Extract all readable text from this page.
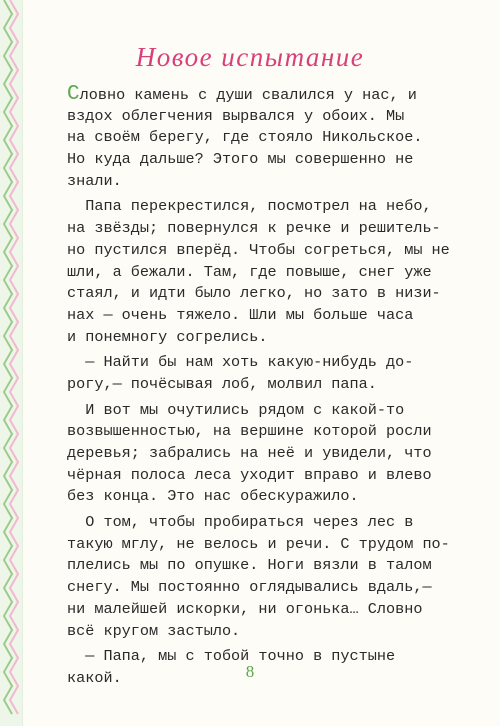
Новое испытание
Словно камень с души свалился у нас, и
вздох облегчения вырвался у обоих. Мы
на своём берегу, где стояло Никольское.
Но куда дальше? Этого мы совершенно не
знали.
Папа перекрестился, посмотрел на небо,
на звёзды; повернулся к речке и решитель-
но пустился вперёд. Чтобы согреться, мы не
шли, а бежали. Там, где повыше, снег уже
стаял, и идти было легко, но зато в низи-
нах — очень тяжело. Шли мы больше часа
и понемногу согрелись.
— Найти бы нам хоть какую-нибудь до-
рогу,— почёсывая лоб, молвил папа.
И вот мы очутились рядом с какой-то
возвышенностью, на вершине которой росли
деревья; забрались на неё и увидели, что
чёрная полоса леса уходит вправо и влево
без конца. Это нас обескуражило.
О том, чтобы пробираться через лес в
такую мглу, не велось и речи. С трудом по-
плелись мы по опушке. Ноги вязли в талом
снегу. Мы постоянно оглядывались вдаль,—
ни малейшей искорки, ни огонька… Словно
всё кругом застыло.
— Папа, мы с тобой точно в пустыне
какой.	8
